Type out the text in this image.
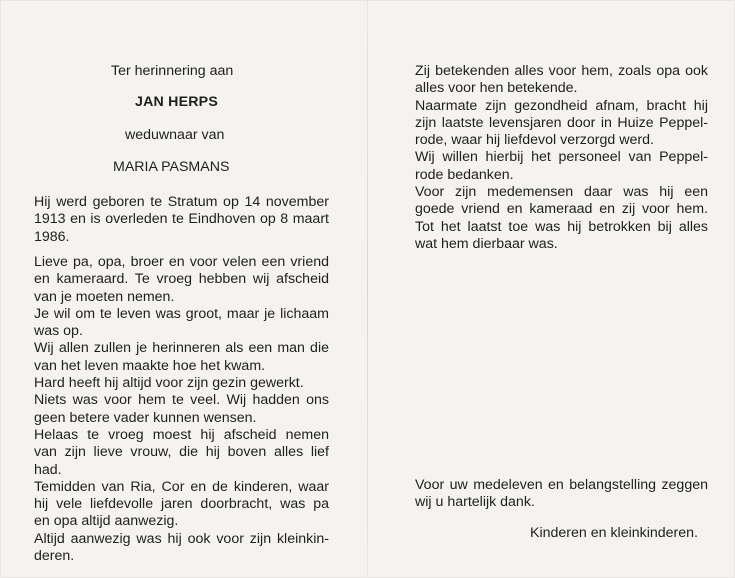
Ter herinnering aan
JAN HERPS
weduwnaar van
MARIA PASMANS
Hij werd geboren te Stratum op 14 november
1913 en is overleden te Eindhoven op 8 maart
1986.
Lieve pa, opa, broer en voor velen een vriend
en kameraard. Te vroeg hebben wij afscheid
van je moeten nemen.
Je wil om te leven was groot, maar je lichaam
was op.
Wij allen zullen je herinneren als een man die
van het leven maakte hoe het kwam.
Hard heeft hij altijd voor zijn gezin gewerkt.
Niets was voor hem te veel. Wij hadden ons
geen betere vader kunnen wensen.
Helaas te vroeg moest hij afscheid nemen
van zijn lieve vrouw, die hij boven alles lief
had.
Temidden van Ria, Cor en de kinderen, waar
hij vele liefdevolle jaren doorbracht, was pa
en opa altijd aanwezig.
Altijd aanwezig was hij ook voor zijn kleinkin-
deren.
Zij betekenden alles voor hem, zoals opa ook
alles voor hen betekende.
Naarmate zijn gezondheid afnam, bracht hij
zijn laatste levensjaren door in Huize Peppel-
rode, waar hij liefdevol verzorgd werd.
Wij willen hierbij het personeel van Peppel-
rode bedanken.
Voor zijn medemensen daar was hij een
goede vriend en kameraad en zij voor hem.
Tot het laatst toe was hij betrokken bij alles
wat hem dierbaar was.
Voor uw medeleven en belangstelling zeggen
wij u hartelijk dank.
Kinderen en kleinkinderen.
